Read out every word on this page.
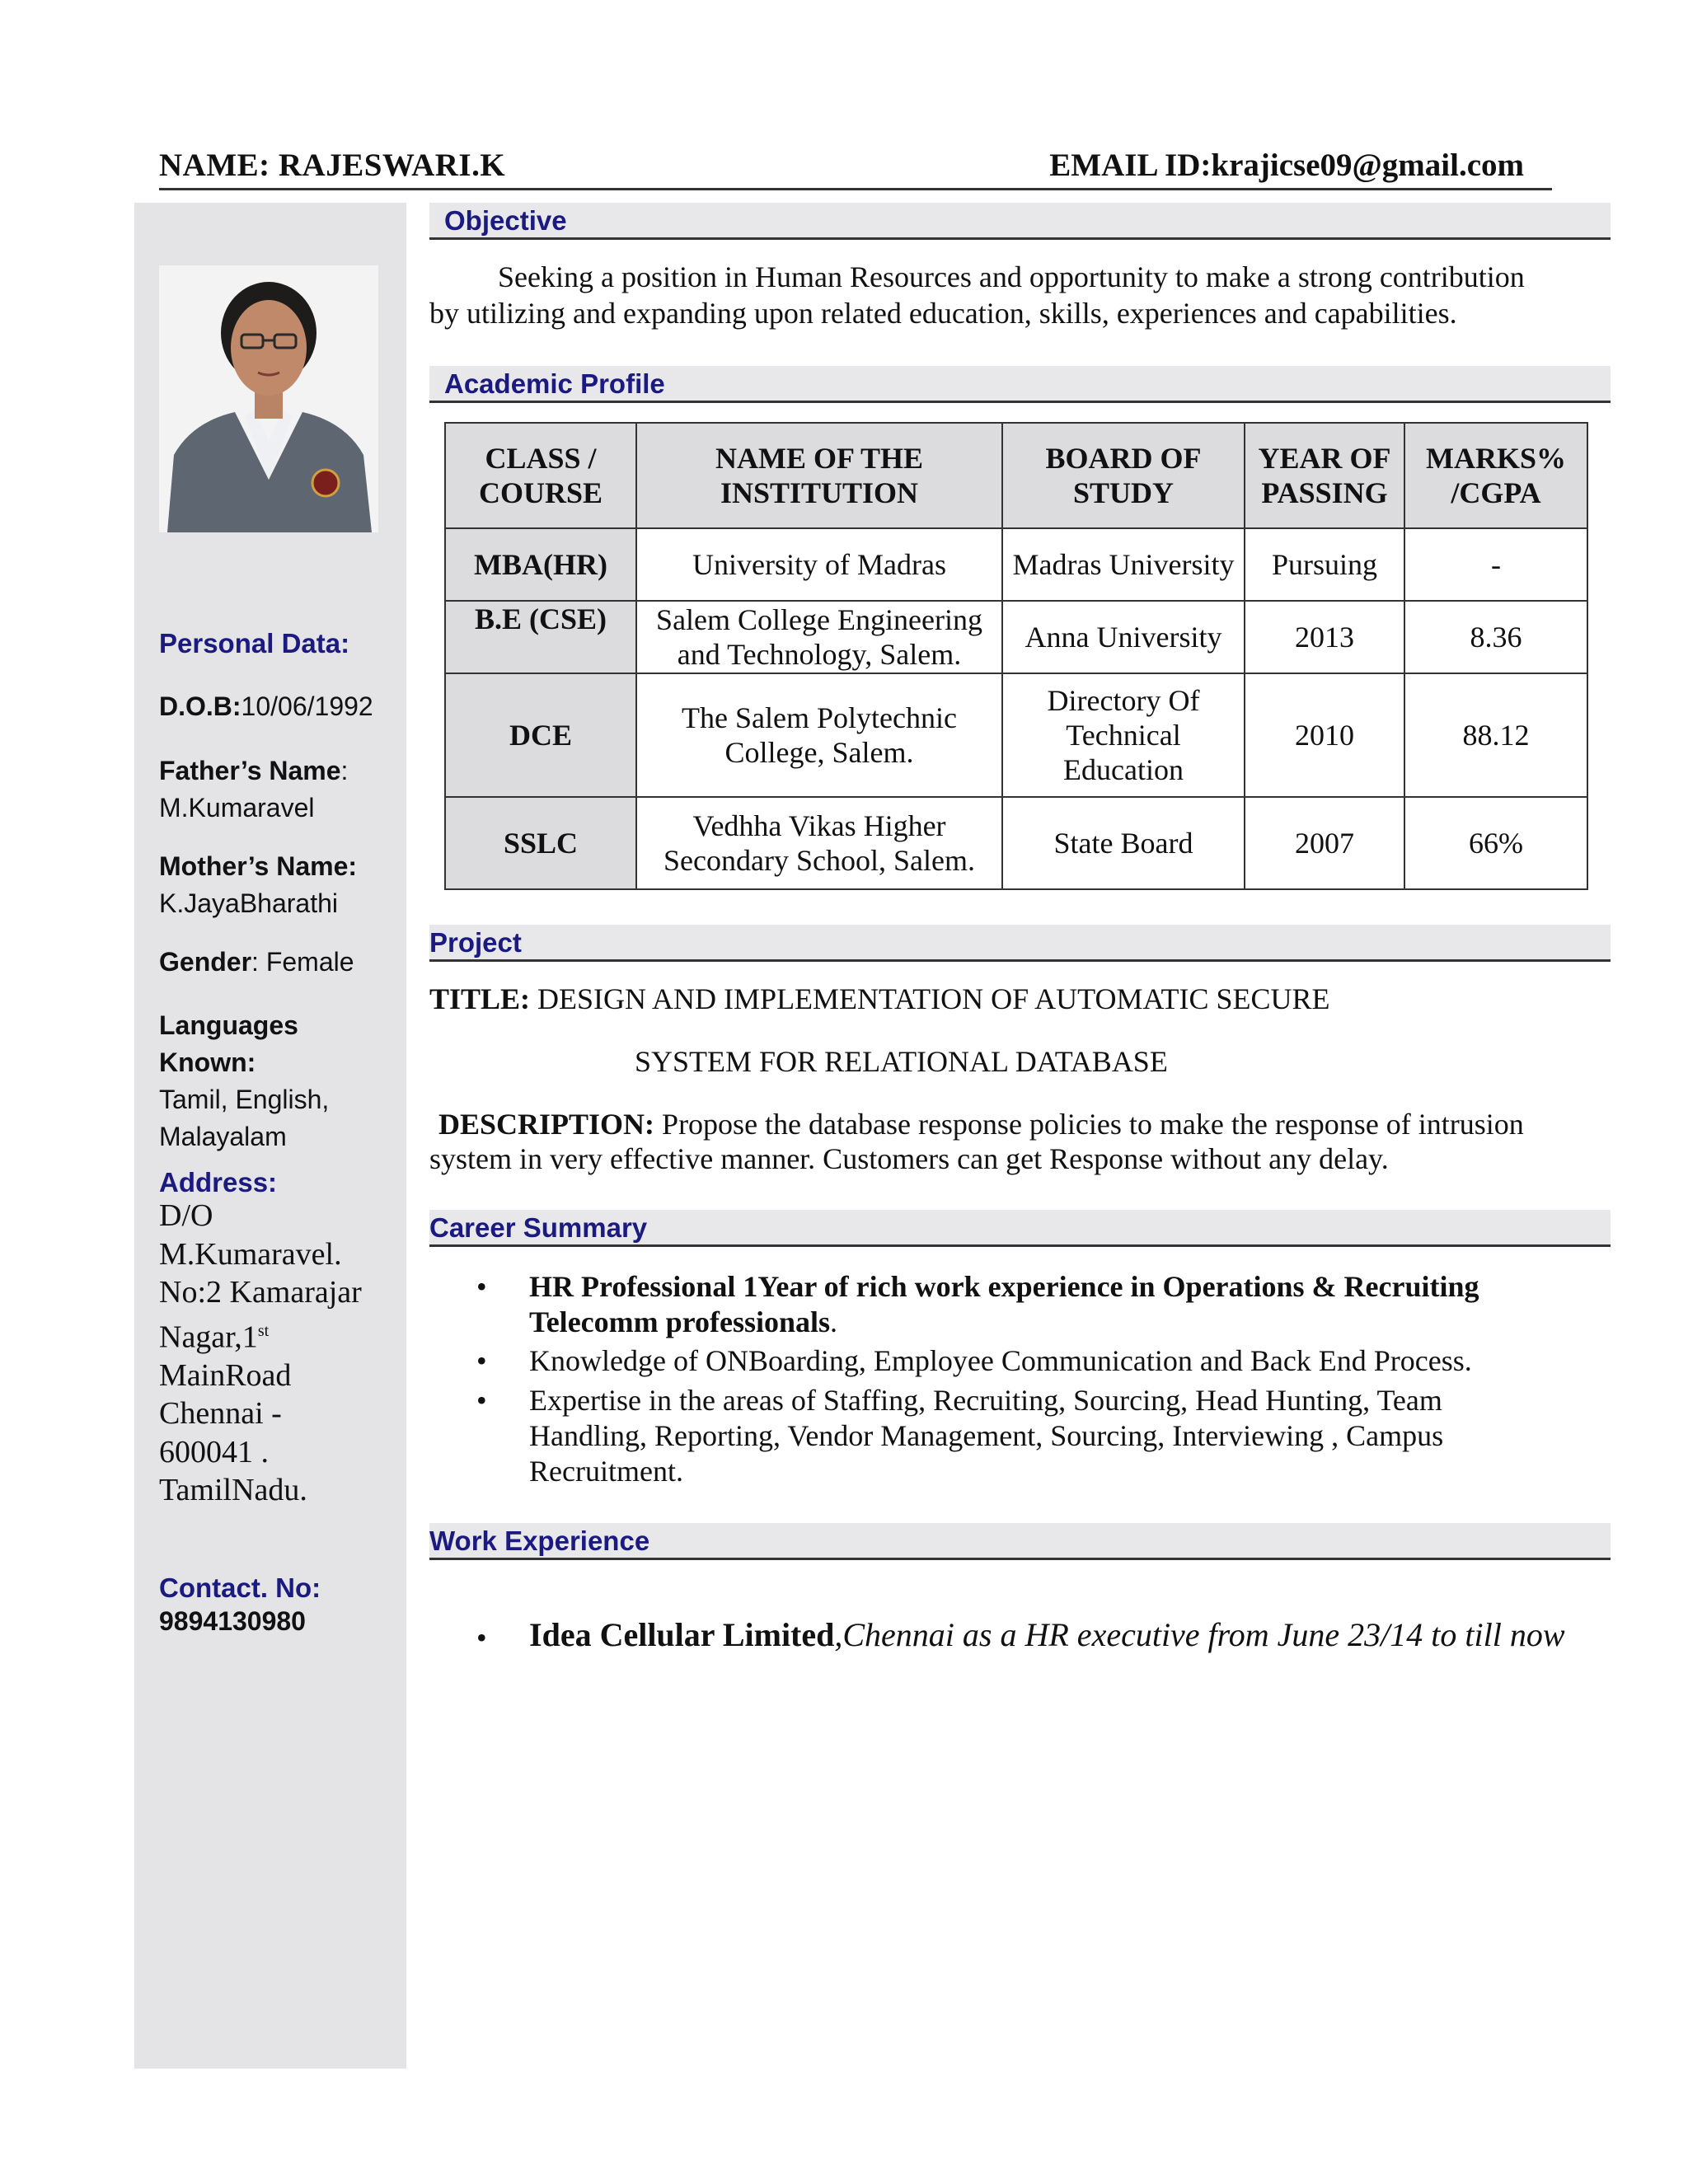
NAME: RAJESWARI.K	EMAIL ID:krajicse09@gmail.com
Personal Data:
D.O.B:10/06/1992
Father’s Name:
M.Kumaravel
Mother’s Name:
K.JayaBharathi
Gender: Female
Languages Known:
Tamil, English, Malayalam
Address:
D/O
M.Kumaravel.
No:2 Kamarajar
Nagar,1st
MainRoad
Chennai -
600041 .
TamilNadu.
Contact. No:
9894130980
Objective
Seeking a position in Human Resources and opportunity to make a strong contribution
by utilizing and expanding upon related education, skills, experiences and capabilities.
Academic Profile
CLASS / COURSE	NAME OF THE INSTITUTION	BOARD OF STUDY	YEAR OF PASSING	MARKS% /CGPA
MBA(HR)	University of Madras	Madras University	Pursuing	-
B.E (CSE)	Salem College Engineering and Technology, Salem.	Anna University	2013	8.36
DCE	The Salem Polytechnic College, Salem.	Directory Of Technical Education	2010	88.12
SSLC	Vedhha Vikas Higher Secondary School, Salem.	State Board	2007	66%
Project
TITLE: DESIGN AND IMPLEMENTATION OF AUTOMATIC SECURE
SYSTEM FOR RELATIONAL DATABASE
DESCRIPTION: Propose the database response policies to make the response of intrusion
system in very effective manner. Customers can get Response without any delay.
Career Summary
• HR Professional 1Year of rich work experience in Operations & Recruiting Telecomm professionals.
• Knowledge of ONBoarding, Employee Communication and Back End Process.
• Expertise in the areas of Staffing, Recruiting, Sourcing, Head Hunting, Team Handling, Reporting, Vendor Management, Sourcing, Interviewing , Campus Recruitment.
Work Experience
• Idea Cellular Limited,Chennai as a HR executive from June 23/14 to till now
